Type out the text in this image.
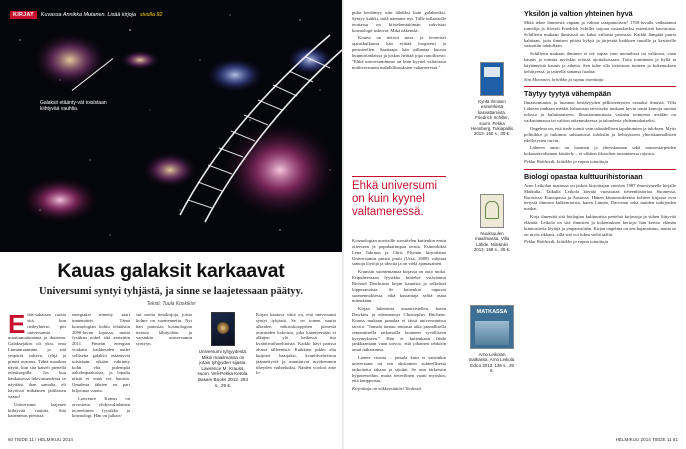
KIRJAT	Kuvassa Annikka Mutanen. Lisää kirjoja sivulla 92
Galaksit etäänty-vät toisistaan kiihtyvää vauhtia.
Kauas galaksit karkaavat
Universumi syntyi tyhjästä, ja sinne se laajetessaan päätyy.
Teksti: Tuula Koskikivi
E läis-sakaisen ruotta sitä, kun tiedeyhteisö piti universumia muuttumattomana ja ikuisena. Galaksejakin oli yksi, oma Linnunratamme, ja sitä ympäröi valtava, tyhjä ja pimeä avaruus. Tähtä maailma näytti, kun sitä katseli pienellä teleskoopilla. Jos kuu kaukaisessa tulevaisuudessa se näyttäisi ihan samalta, eli käytössä mikäänen jättiläisen vaaan!

Universumi laajenee kiihtyvää vauhtia. Sitä kauemmas pienissä

energiaksi nimetty saari tuntematon. Tämä kosmologian kohtu tehtäisiin 2090-luvun lopussa, mutta fysiikan nobel sitä asetettiin 2011. Pimeän energian voukatsi kaikkeuden uudet sollisetta galaksit etääntyvät toisistaan, eikään vakiintty kohti yhä pidempää aaltolmpaaltoisia, ja lopulta niistä ei enää voi havaita. Omalesta tähtien on pari biljoonaa vuotta.

Lawrence Krauss on arvostettu yhdysvaltalainen teoreettinen fyysikko ja kosmologi. Hän on julkais-

sut useita tietokirjoja, joista kolme on suomennettu. Nyt hän panostaa kosmologian tietoon lähityöhön ja varsinkin universumin syntyyn.

Universumi tyhjyydestä. Miksi maailmassa on jotain tyhjyyden sijasta. Lawrence M. Krauss, suom. Veli-Pekka Ketola. Basam Books 2013. 254 s., 29 €.

Kirjan kantava väite on, että universumi syntyi tyhjästä. Se on toinen suuria alkeiden mikroskooppisen pienestä avaruuden kokoista, joka kääntyessään ei alkujen ylö hetkessä itse kvanttivaihtoehtoista. Kaikki kävi parissa alussa tälleenistä. Kaikkien pikku alta kuijoset haarjaksi, kvanttivahvistuu jäännettyviä ja muuttuivat myöhemmin tiheyden vaihteluiksi. Näiden voolosi aine lo-

60 TIEDE 11 / HELMIKUU 2014

puha keräämyy niin tähdiksi kuin galakseiksi. Syntyy kaikki, mitä näemme nyt. Tälle inflaatiolle teoriassa on kiistelemättömän vahvistus kosmologit uskovat. Mikä näkemää.

Krauss on tietävä mies, ja teoretiset ajatuskulkunsa hän esittää loogisesti ja perusteellen. Saattaapa hän pillantaa kuivaa huumorianlaissa ja joskus heittää jopa runollisesti: ”Ehkä universumimme on kuin kyynel valtavassa multiversumin mahdollisuuksien valtameressä.”

Ehkä universumi on kuin kyynel valtameressä.

Kosmologian noviisille suosittelen kuitenkin ensin otteeseen ja populaarimpaa teosta. Esimerkiksi Lena Takruun ja Chris Flynnin kirjoittama Universumin pimeä puoli (Ursa, 2008) valottaa samoja löytöjä ja ideoita ja on vielä ajantasainen.

Kraussin suomentamaa kirjassa on outo moka. Esipuheessaan fyysikko kiittelee ystäväänsä Richard Dawkinsia kirjan kaunista ja selkeästä loppusanoista. Se kuitenkin oapuvat suomennoksesta, eikä kustantaja selitä asiaa mitenkään.

Kirjan lukemista uusasteistellen, kuten Dawkins ja edesmennyt Christopher Hitchens. Krauss mukaan jumalaa ei tässä universumissa tarvita. ”Jumala tuntuu minusta aika pinnallisella semanttisella ratkaisulla luonteen syvälliseen kysymykseen.” Hän ei kuitenkaan lähde jankkaamaan vaan toivoo, että jokainen tehköön omat ratkaisunsa.

Lienee visasta – jumala kuin ei saisiinkin universumi tai sen aksiomien suhteellisesta tarkoitettu takana ja sijoitat. Se unn tärkeisiin hypoteeseihin, mutta tieteellinen vaatii myöskin, että lamppuista.

Kirjoittaja on siikkeesäätäri Tiedessä.

Kyntä ihmisen esimerkistä kasvattamista. Friedrich Schiller, suom. Pekka Hennberg. Tukiapallis 2013. 160 s., 30 €.
Nuuksuulen maailmassa. Villa Lähde. Niin&niin 2013. 168 s., 35 €.
MATKASSA
Arno Leikolan matkassa. Arno Leikola. Edico 2013. 136 s., 29 €.
Yksilön ja valtion yhteinen hyvä

Mikä tekee ihmisestä vapaan ja valtion tasapainoisen? 1700-luvulla vaikuttanut runoilija ja filosofi Friedrich Schiller tarjoaa vastaukseksi esteettistä kasvatusta. Schillerin mukaan ihmisissä on kaksi erilaista perustaa: Kaikki lämpiää juurta kahtiaan, joita ihmisen pitäisi kykyä ja järjestää kaikkien suurille ja kestäville vaarattiin tahdollaan.

Schillerin mukaan ihminen ei ole vapaa vain moraalissa tai valtiossa, vaan kaunis ja toimita myöskin eräissä ajoituksissaan. Totta toiminnan ja kyllä ta käytännöstä kaunis ja aihetta. Sen tulee olla tietoisuus tunteen ja kokemuksen kehittyessä, ja taiteella sanansa luodaa.

Sini Mononen, kriitikko ja vapaa toimittaja

Täytyy tyytyä vähempään

Ilmastomuutos ja luonnon kestävyyden pelkistetäysten vaaraksi ihmisiä. Villa Lähteen mukaan meidät haluavaan tarvitseko mukaan hyvin uusia keinoja tuottaa tulossa ja kuluttamiseen. Ilmastonmuutosta vastaan toimiessa meidän on vaikuttamassa tai valtion rakennuksessa ja taloudesta yhdenmukaiseksi.

Ongelma on, että tiede toimii vain taloudellisen tapahtumien ja tuloksen. Myös poliitikka ja tutkimus suhtautuvat tuloksiin ja kehitykseen yhteiskunnallisten edellytysten turvin.

Lähteen ansio on luonnon ja yhteiskunnan sekä muutostarpeiden kokonaisvaltainen käsittely – ei vähiten filosofien tuotantaessa rajoista.

Pekka Wahlstedt, kriitikko ja vapaa toimittaja

Biologi opastaa kulttuurihistoriaan

Arno Leikolan mattassa on jatkoa kirjoittajan vuosien 1987 ilmestyneelle kirjalle Matkalla. Taikalla Leikola kiertää vuosisataa tieteenhistoriaa Suomessa, Ruotsissa, Euroopassa ja Aasiassa. Hänen kiinnostuksensa kohteet kirjassa ovat tietystä ihmisen kulkemisesta, kuten Linnén, Darwinin sekä muiden tutkijoiden matkat.

Kirja ilmentää sitä biologian kulttuurista pertehtä kirjastoja ja siihen liittyvää elämää. Leikola on sitä ihmisten ja kokemuksen kertoja: hän kertoo elämän kiinnostavia löytöjä ja ympäristöään. Kirjan ongelma on sen hajanaisuus, mutta se on myös rikkaus, sillä sitä voi lukea sieltä täältä.

Pekka Wahlstedt, kriitikko ja vapaa toimittaja

HELMIKUU 2014 TIEDE 11 61
